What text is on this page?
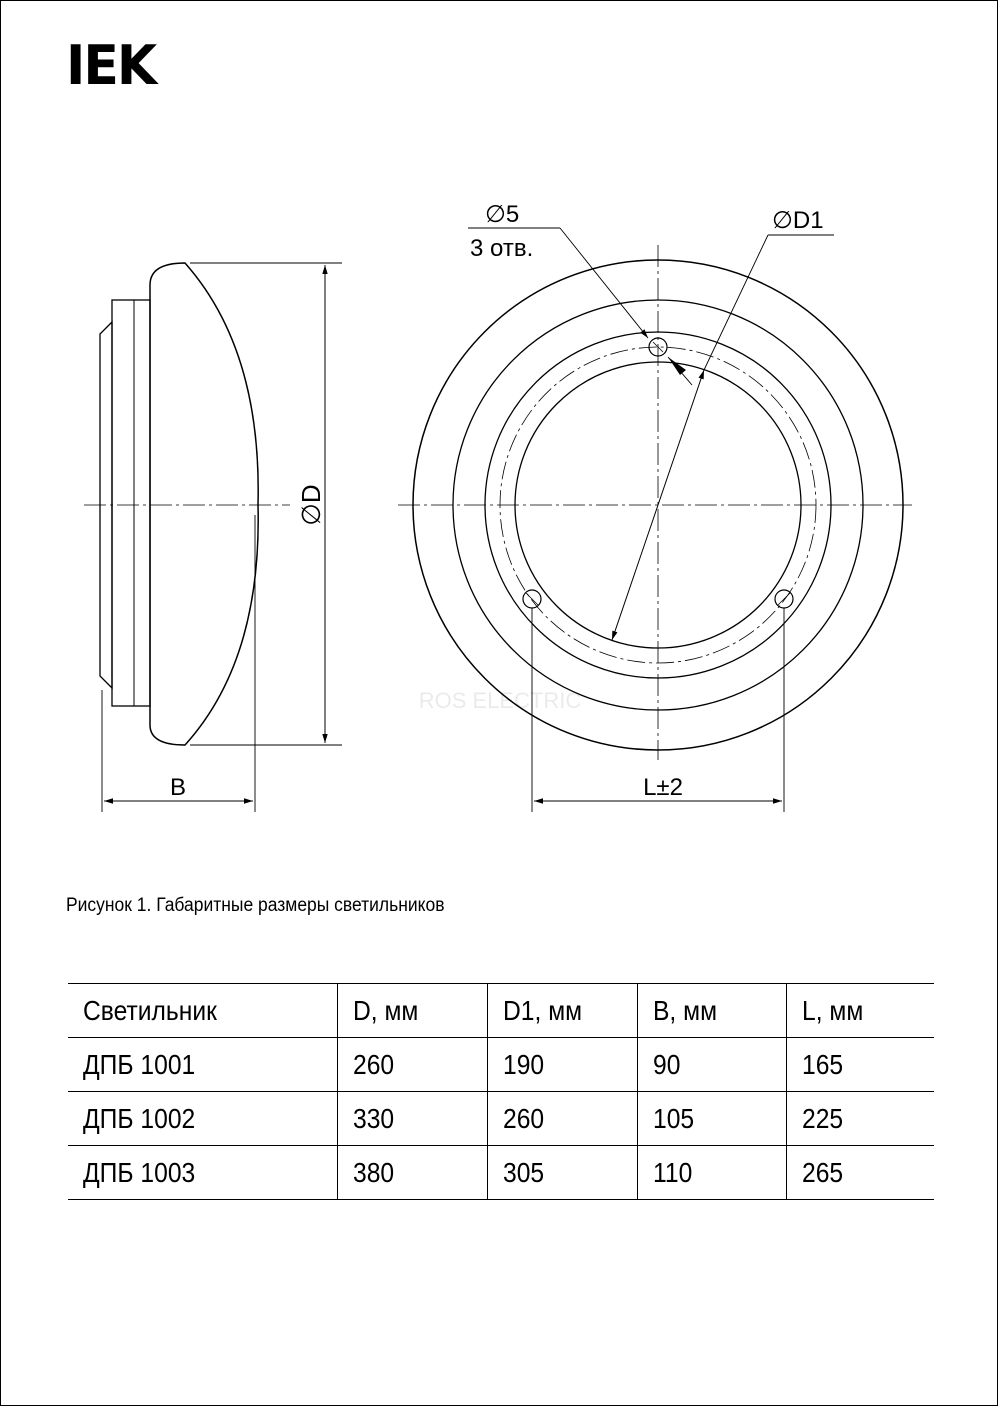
IEK
∅D
B
∅5
3 отв.
∅D1
L±2
ROS ELECTRIC
Рисунок 1. Габаритные размеры светильников
Светильник	D, мм	D1, мм	B, мм	L, мм
ДПБ 1001	260	190	90	165
ДПБ 1002	330	260	105	225
ДПБ 1003	380	305	110	265
